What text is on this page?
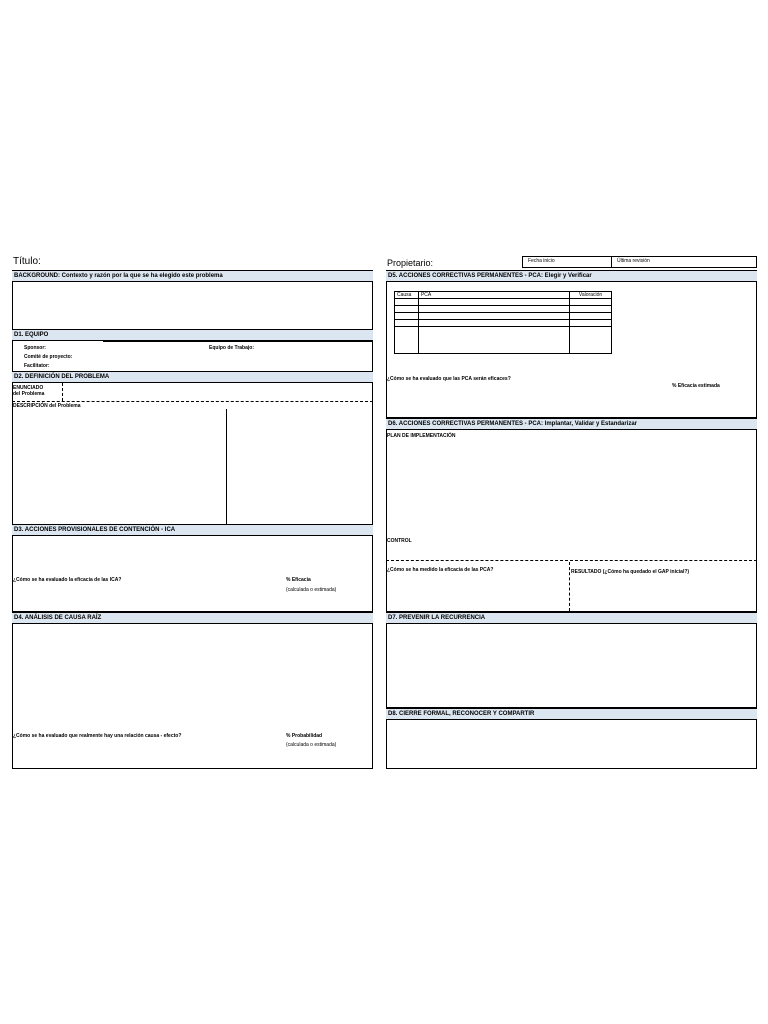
Título:	Propietario:	Fecha inicio	Última revisión
BACKGROUND: Contexto y razón por la que se ha elegido este problema
D1. EQUIPO
Sponsor:	Equipo de Trabajo:
Comité de proyecto:
Facilitator:
D2. DEFINICIÓN DEL PROBLEMA
ENUNCIADO
del Problema
DESCRIPCIÓN del Problema
D3. ACCIONES PROVISIONALES DE CONTENCIÓN - ICA
¿Cómo se ha evaluado la eficacia de las ICA?	% Eficacia
(calculada o estimada)
D4. ANÁLISIS DE CAUSA RAÍZ
¿Cómo se ha evaluado que realmente hay una relación causa - efecto?	% Probabilidad
(calculada o estimada)
D5. ACCIONES CORRECTIVAS PERMANENTES - PCA: Elegir y Verificar
Causa	PCA	Valoración

¿Cómo se ha evaluado que las PCA serán eficaces?
% Eficacia estimada
D6. ACCIONES CORRECTIVAS PERMANENTES - PCA: Implantar, Validar y Estandarizar
PLAN DE IMPLEMENTACIÓN
CONTROL
¿Cómo se ha medido la eficacia de las PCA?	RESULTADO (¿Cómo ha quedado el GAP inicial?)
D7. PREVENIR LA RECURRENCIA
D8. CIERRE FORMAL, RECONOCER Y COMPARTIR
